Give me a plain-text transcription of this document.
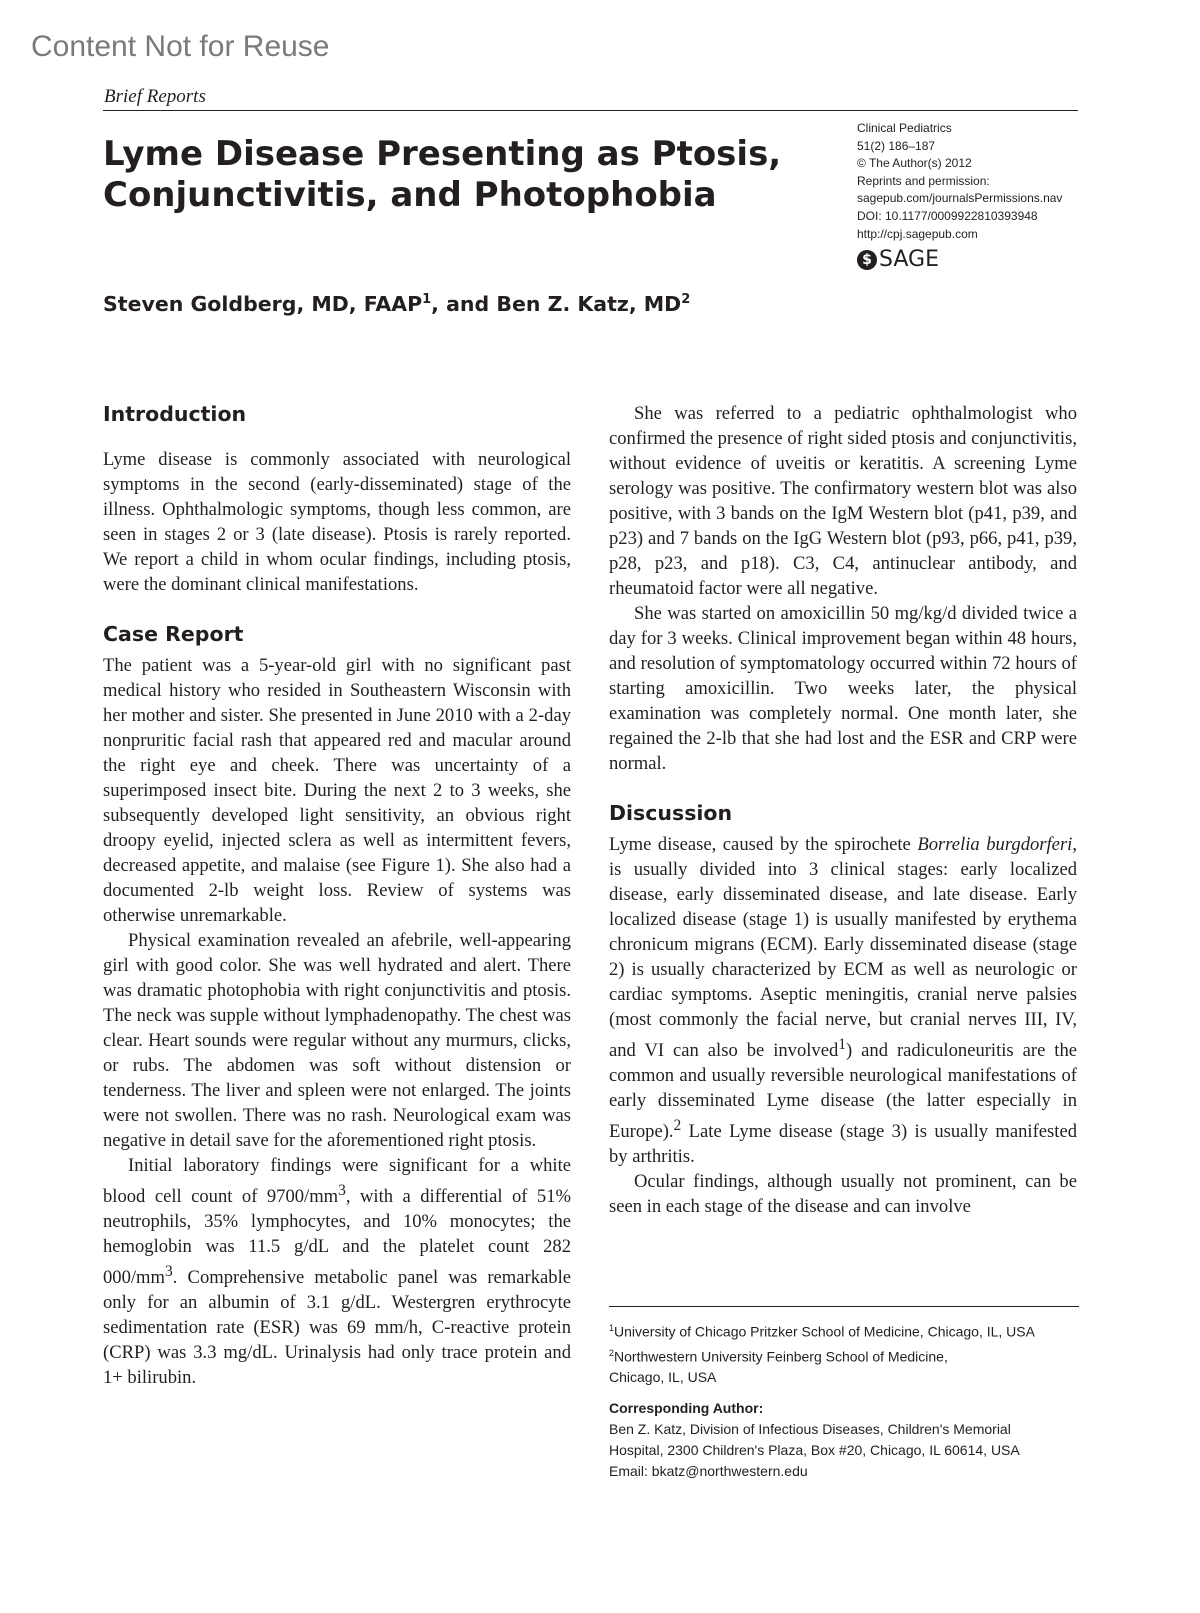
Content Not for Reuse
Brief Reports
Lyme Disease Presenting as Ptosis,
Conjunctivitis, and Photophobia
Clinical Pediatrics
51(2) 186–187
© The Author(s) 2012
Reprints and permission:
sagepub.com/journalsPermissions.nav
DOI: 10.1177/0009922810393948
http://cpj.sagepub.com
$ SAGE
Steven Goldberg, MD, FAAP$^1$, and Ben Z. Katz, $MD^2$
Introduction

Lyme disease is commonly associated with neurological symptoms in the second (early-disseminated) stage of the illness. Ophthalmologic symptoms, though less common, are seen in stages 2 or 3 (late disease). Ptosis is rarely reported. We report a child in whom ocular findings, including ptosis, were the dominant clinical manifestations.

Case Report

The patient was a 5-year-old girl with no significant past medical history who resided in Southeastern Wisconsin with her mother and sister. She presented in June 2010 with a 2-day nonpruritic facial rash that appeared red and macular around the right eye and cheek. There was uncertainty of a superimposed insect bite. During the next 2 to 3 weeks, she subsequently developed light sensitivity, an obvious right droopy eyelid, injected sclera as well as intermittent fevers, decreased appetite, and malaise (see Figure 1). She also had a documented 2-lb weight loss. Review of systems was otherwise unremarkable.

Physical examination revealed an afebrile, well-appearing girl with good color. She was well hydrated and alert. There was dramatic photophobia with right conjunctivitis and ptosis. The neck was supple without lymphadenopathy. The chest was clear. Heart sounds were regular without any murmurs, clicks, or rubs. The abdomen was soft without distension or tenderness. The liver and spleen were not enlarged. The joints were not swollen. There was no rash. Neurological exam was negative in detail save for the aforementioned right ptosis.

Initial laboratory findings were significant for a white blood cell count of $9700/mm^3$, with a differential of 51% neutrophils, 35% lymphocytes, and 10% monocytes; the hemoglobin was 11.5 g/dL and the platelet count 282 $000/mm^3$. Comprehensive metabolic panel was remarkable only for an albumin of 3.1 g/dL. Westergren erythrocyte sedimentation rate (ESR) was 69 mm/h, C-reactive protein (CRP) was 3.3 mg/dL. Urinalysis had only trace protein and 1+ bilirubin.

She was referred to a pediatric ophthalmologist who confirmed the presence of right sided ptosis and conjunctivitis, without evidence of uveitis or keratitis. A screening Lyme serology was positive. The confirmatory western blot was also positive, with 3 bands on the IgM Western blot (p41, p39, and p23) and 7 bands on the IgG Western blot (p93, p66, p41, p39, p28, p23, and p18). C3, C4, antinuclear antibody, and rheumatoid factor were all negative.

She was started on amoxicillin 50 mg/kg/d divided twice a day for 3 weeks. Clinical improvement began within 48 hours, and resolution of symptomatology occurred within 72 hours of starting amoxicillin. Two weeks later, the physical examination was completely normal. One month later, she regained the 2-lb that she had lost and the ESR and CRP were normal.

Discussion

Lyme disease, caused by the spirochete Borrelia burgdorferi, is usually divided into 3 clinical stages: early localized disease, early disseminated disease, and late disease. Early localized disease (stage 1) is usually manifested by erythema chronicum migrans (ECM). Early disseminated disease (stage 2) is usually characterized by ECM as well as neurologic or cardiac symptoms. Aseptic meningitis, cranial nerve palsies (most commonly the facial nerve, but cranial nerves III, IV, and VI can also be involved$^1$) and radiculoneuritis are the common and usually reversible neurological manifestations of early disseminated Lyme disease (the latter especially in Europe).$^2$ Late Lyme disease (stage 3) is usually manifested by arthritis.

Ocular findings, although usually not prominent, can be seen in each stage of the disease and can involve

$^1$University of Chicago Pritzker School of Medicine, Chicago, IL, USA
$^2$Northwestern University Feinberg School of Medicine,
Chicago, IL, USA
Corresponding Author:
Ben Z. Katz, Division of Infectious Diseases, Children's Memorial
Hospital, 2300 Children's Plaza, Box #20, Chicago, IL 60614, USA
Email: bkatz@northwestern.edu
